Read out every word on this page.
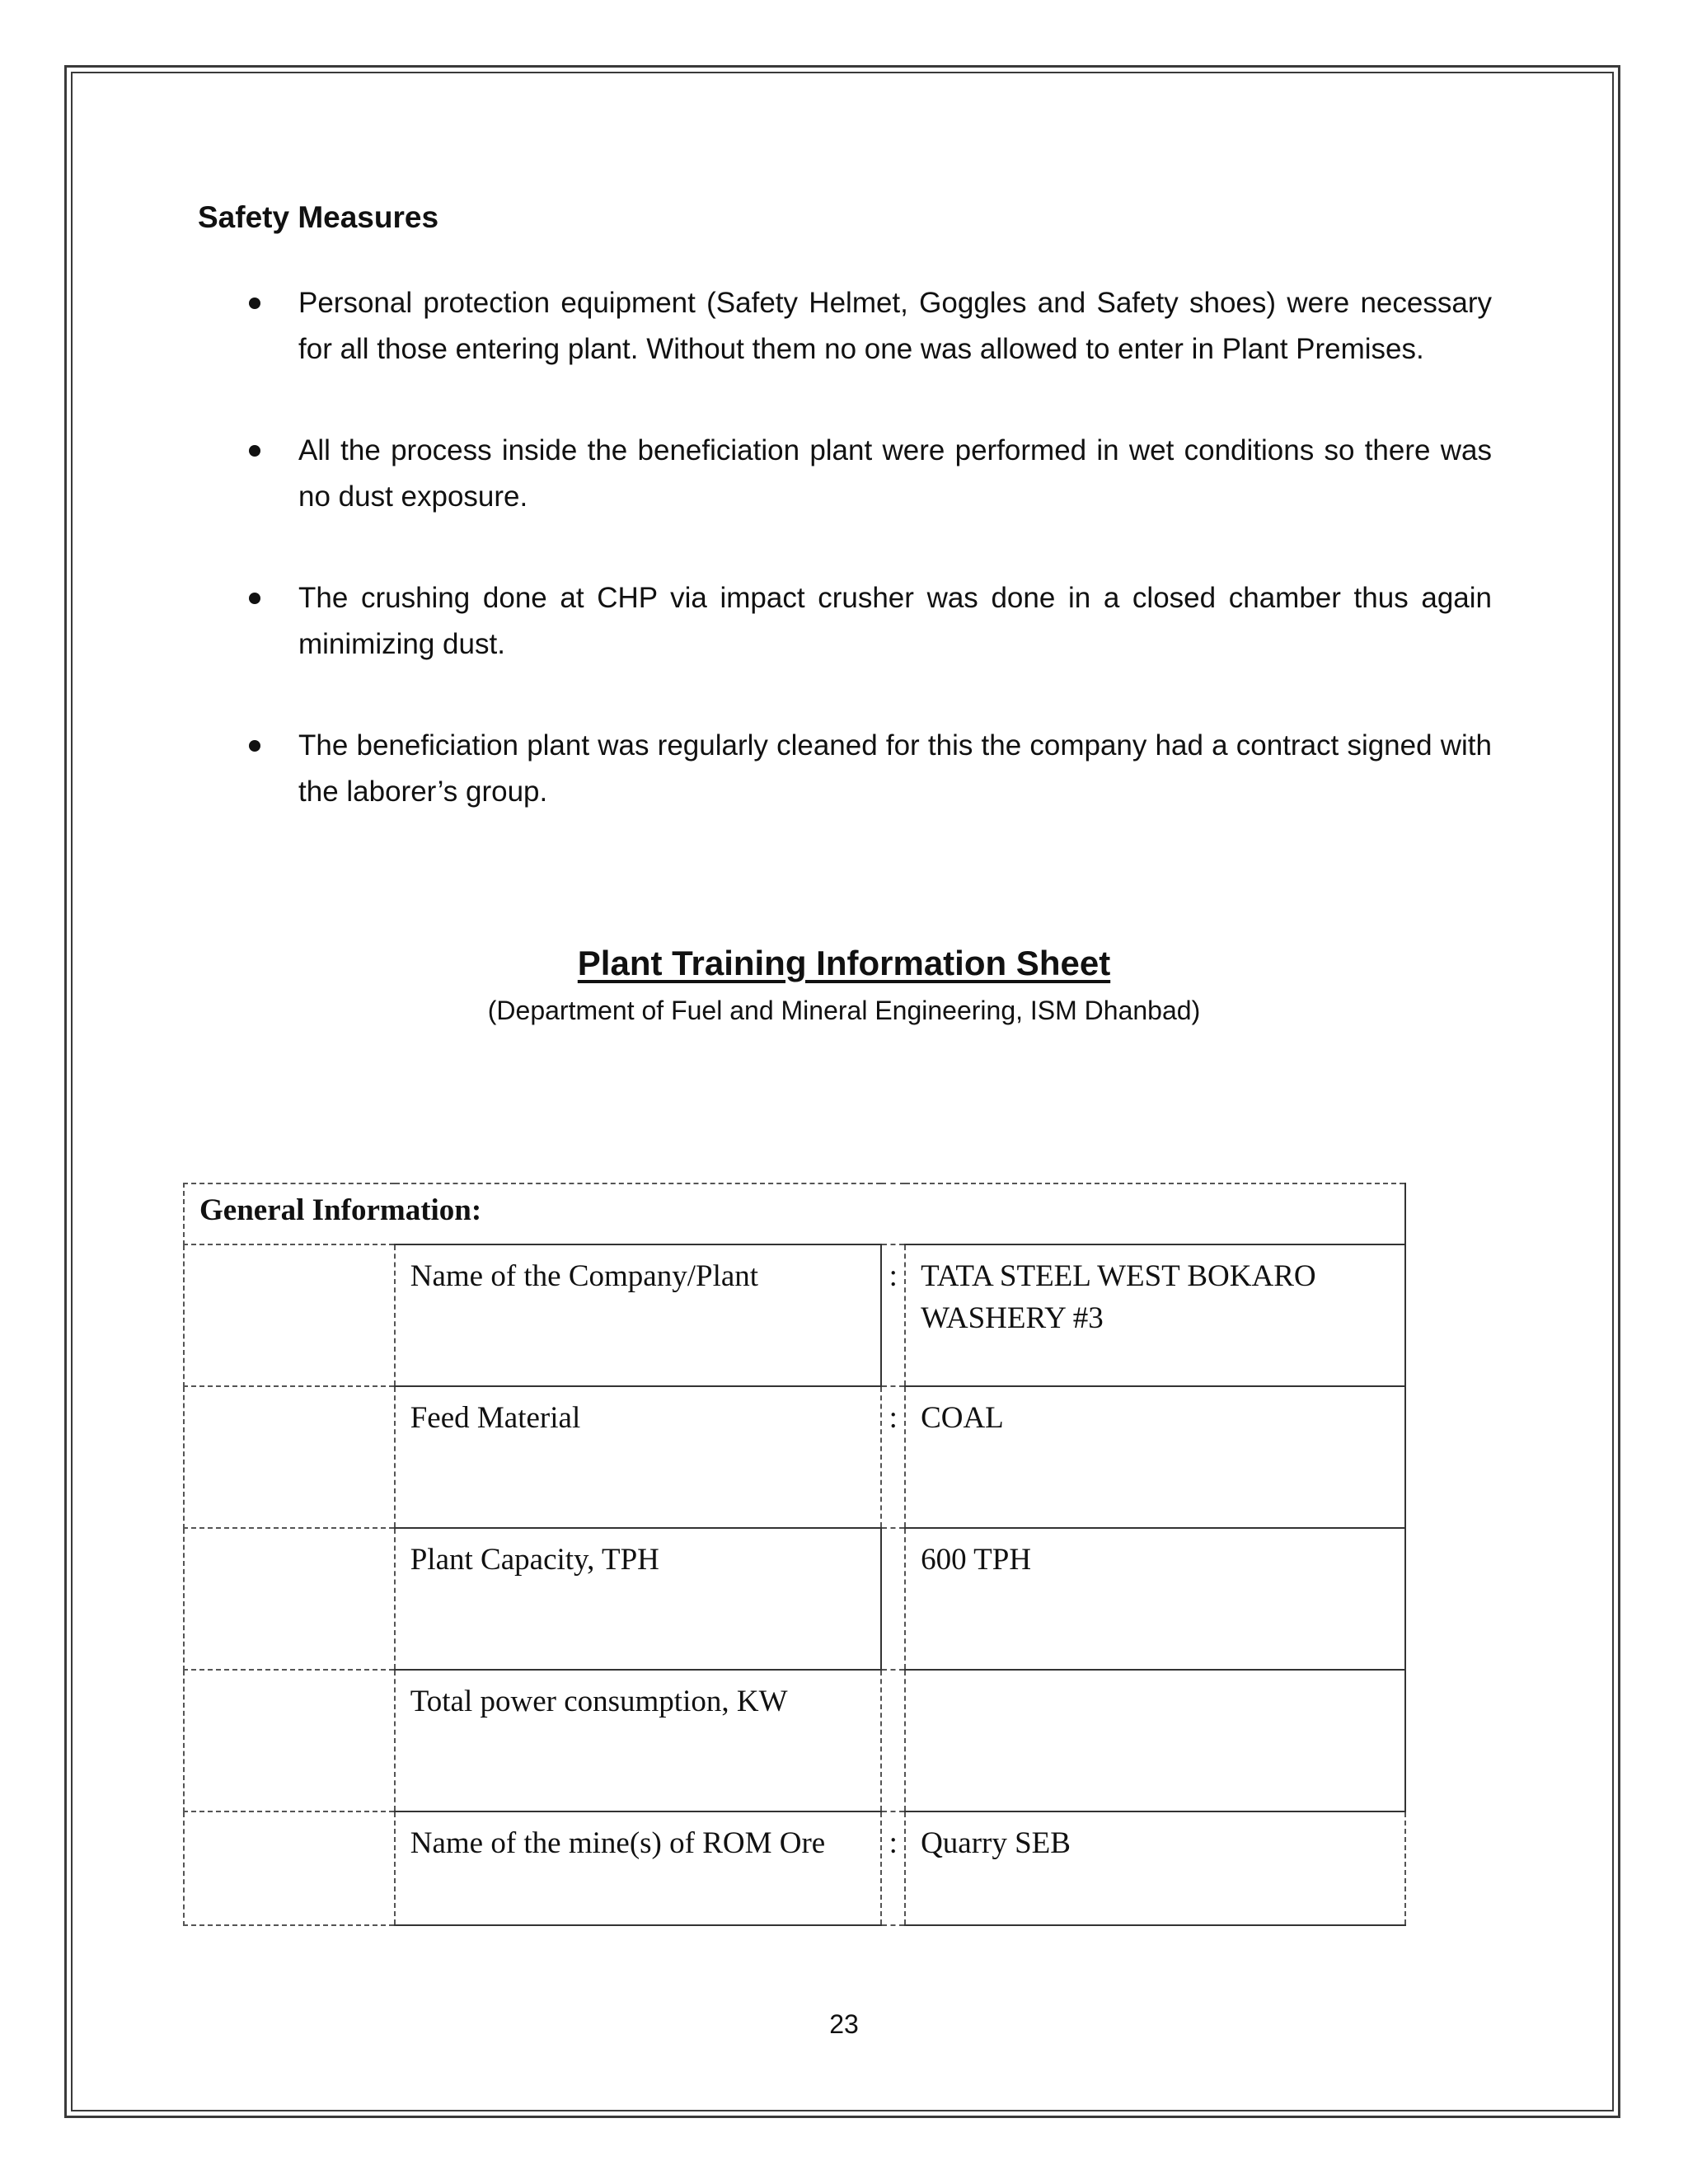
Safety Measures
Personal protection equipment (Safety Helmet, Goggles and Safety shoes) were necessary for all those entering plant. Without them no one was allowed to enter in Plant Premises.
All the process inside the beneficiation plant were performed in wet conditions so there was no dust exposure.
The crushing done at CHP via impact crusher was done in a closed chamber thus again minimizing dust.
The beneficiation plant was regularly cleaned for this the company had a contract signed with the laborer’s group.
Plant Training Information Sheet

(Department of Fuel and Mineral Engineering, ISM Dhanbad)

General Information:			
	Name of the Company/Plant	:	TATA STEEL WEST BOKARO WASHERY #3
	Feed Material	:	COAL
	Plant Capacity, TPH		600 TPH
	Total power consumption, KW		
	Name of the mine(s) of ROM Ore	:	Quarry SEB

23
